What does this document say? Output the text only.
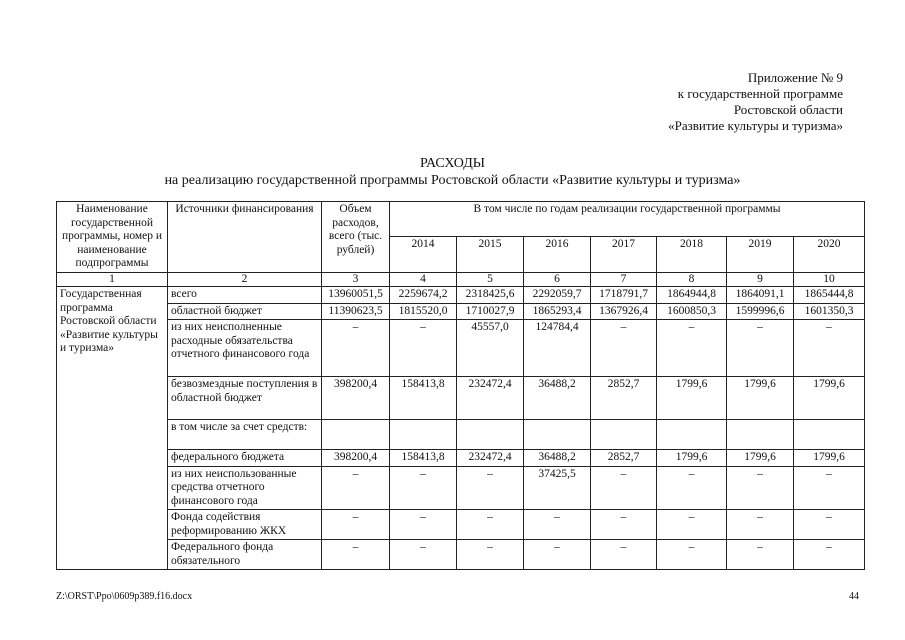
Приложение № 9
к государственной программе
Ростовской области
«Развитие культуры и туризма»
РАСХОДЫ
на реализацию государственной программы Ростовской области «Развитие культуры и туризма»
Наименование государственной программы, номер и наименование подпрограммы	Источники финансирования	Объем расходов, всего (тыс. рублей)	В том числе по годам реализации государственной программы						
			2014	2015	2016	2017	2018	2019	2020
1	2	3	4	5	6	7	8	9	10
Государственная программа Ростовской области «Развитие культуры и туризма»	всего	13960051,5	2259674,2	2318425,6	2292059,7	1718791,7	1864944,8	1864091,1	1865444,8
	областной бюджет	11390623,5	1815520,0	1710027,9	1865293,4	1367926,4	1600850,3	1599996,6	1601350,3
	из них неисполненные расходные обязательства отчетного финансового года	–	–	45557,0	124784,4	–	–	–	–
	безвозмездные поступления в областной бюджет	398200,4	158413,8	232472,4	36488,2	2852,7	1799,6	1799,6	1799,6
	в том числе за счет средств:								
	федерального бюджета	398200,4	158413,8	232472,4	36488,2	2852,7	1799,6	1799,6	1799,6
	из них неиспользованные средства отчетного финансового года	–	–	–	37425,5	–	–	–	–
	Фонда содействия реформированию ЖКХ	–	–	–	–	–	–	–	–
	Федерального фонда обязательного	–	–	–	–	–	–	–	–
Z:\ORST\Ppo\0609p389.f16.docx	44
